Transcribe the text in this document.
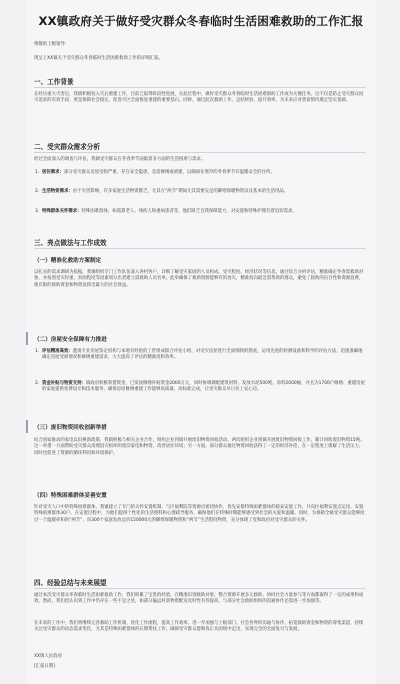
XX镇政府关于做好受灾群众冬春临时生活困难救助的工作汇报
尊敬的上级领导：
现呈上XX镇关于受灾群众冬春临时生活困难救助工作的详细汇报。
一、工作背景
在经历重大灾害后，我镇积极投入灾后重建工作，目前已取得阶段性进展。在此过程中，做好受灾群众冬春临时生活困难救助工作成为关键任务。这不仅是防止受灾群众因灾返贫的有效手段，更是保障社会稳定、促进灾区全面恢复重建的重要基石。同时，通过此次救助工作，总结经验、提升效率，为未来应对类似情况奠定坚实基础。
二、受灾群众需求分析
经过全面深入的调查与评估，我镇受灾群众在冬春季节面临着多方面的生活困难与需求。
1. 居住需求：部分受灾群众房屋受损严重，存在安全隐患，急需修缮或重建，以确保在寒冷的冬春季节有温暖安全的住所。
2. 生活物资需求：由于灾害影响，许多家庭生活物资匮乏，尤其在“两节”期间尤其需要充足的御寒保暖物资以及基本的生活用品。
3. 特殊群体关怀需求：特殊困难群体，如孤寡老人、残疾人和重病患者等，他们缺乏自我保障能力，对安置和特殊护理有着迫切需求。
三、亮点做法与工作成效
（一）精准化救助方案制定
以扎实的需求调研为依据，我镇组织专门工作队伍深入各村各户，详细了解受灾家庭的人员构成、受灾程度、经济状况等信息。通过综合分析评估，精准确定冬春需救助对象，并按照受灾轻重、贫困程度等因素划分出类建立需救助人员名单。此举确保了救助资源能够有的放矢，精准投向最急需帮助的群众，避免了救助的盲目性和资源浪费，使有限的救助资金和物资发挥出最大的社会效益。
（二）房屋安全保障有力推进
1. 评估精准高效：邀请专业房屋鉴定机构与本地有经验的工匠组成联合评估小组，对受灾房屋进行全面细致的勘查，运用先进的检测设备和科学的评估方法，迅速准确地确定房屋受损情况和修缮重建需求，大大提高了评估的精准度和效率。
2. 资金补贴与物资支持：镇政府积极筹措资金，已发放修缮补贴资金2000万元，同时协调调配建筑材料，发放水泥500吨、涂料2000桶，并且为1700户修缮、重建房屋的家庭提供免费设计和技术服务，确保房屋修缮重建工作能够高质量、高标准完成，让受灾群众早日住上安心房。
（三）废旧物资回收创新举措
结合国家推动的家电以旧换新政策，我镇积极与相关企业合作，组织企业到镇开展废旧物资回收活动。两次组织企业到镇开展废旧物资回收工作，累计回收废旧物资15吨。这一举措一方面帮助受灾群众清理因灾损坏的废旧家电和物资，改善居住环境；另一方面，部分群众通过物资回收获得了一定的经济补偿，在一定程度上缓解了生活压力，同时也促进了资源的循环利用和环境保护。
（四）特殊困难群体妥善安置
针对受灾人口中的特殊困难群体，我镇建立了专门的关怀安置机制。与区福利院等资源点密切协作，优先安排特殊困难群体的稳妥安置工作，共向区福利安置点运送、安置特殊困难群体30户。在安置过程中，为他们提供个性化的生活照料和心理疏导服务，确保他们在特殊时期能够感受到社会的关爱和温暖。同时，为保障全镇受灾群众能够度过一个温暖祥和的“两节”，向300个家庭发放总价150000元的御寒保暖物资和“两节”生活慰问物资，充分体现了党和政府对受灾群众的关怀。
四、经验总结与未来展望
通过本次受灾群众冬春临时生活困难救助工作，我们积累了宝贵的经验。在精准识别救助对象、整合资源开展多元救助、协同社会力量参与等方面都取得了一定的成果和成效。然而，我们也认识到工作中仍存在一些不足之处，如部分偏远村落物资配送及时性有待提高，与部分社会救助组织的沟通协作还需进一步加强等。
在未来的工作中，我们将继续完善救助工作机制，优化工作流程，提高工作效率。进一步加强与上级部门、社会各界的沟通与协作，拓宽救助资金和物资的筹集渠道，持续关注受灾群众的动态需求变化，尤其是特殊困难群体的长期帮扶工作，确保受灾群众能够真正从困境中走出，实现完全的全面复兴与发展。
XX镇人民政府
[汇报日期]
